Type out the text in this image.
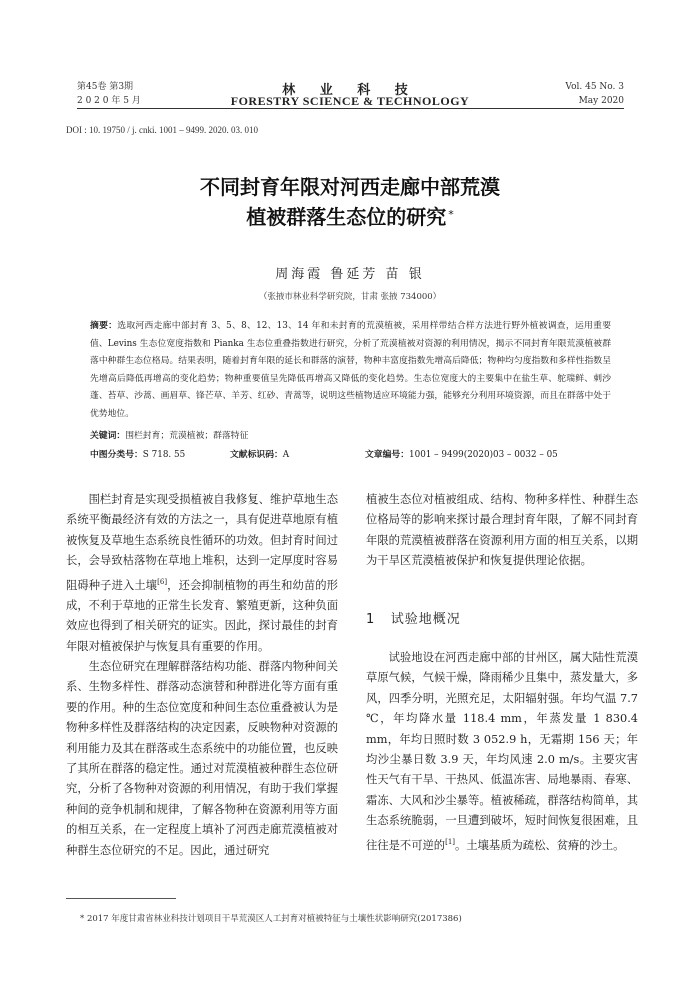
第45卷 第3期
2 0 2 0 年 5 月
林 业 科 技
FORESTRY SCIENCE & TECHNOLOGY
Vol. 45 No. 3
May 2020
DOI : 10. 19750 / j. cnki. 1001 – 9499. 2020. 03. 010
不同封育年限对河西走廊中部荒漠
植被群落生态位的研究 *
周海霞 鲁延芳 苗 银
（张掖市林业科学研究院，甘肃 张掖 734000）
摘要：选取河西走廊中部封育 3、5、8、12、13、14 年和未封育的荒漠植被，采用样带结合样方法进行野外植被调查，运用重要值、Levins 生态位宽度指数和 Pianka 生态位重叠指数进行研究，分析了荒漠植被对资源的利用情况，揭示不同封育年限荒漠植被群落中种群生态位格局。结果表明，随着封育年限的延长和群落的演替，物种丰富度指数先增高后降低；物种均匀度指数和多样性指数呈先增高后降低再增高的变化趋势；物种重要值呈先降低再增高又降低的变化趋势。生态位宽度大的主要集中在盐生草、鸵瑞鲜、刺沙蓬、苔草、沙蒿、画眉草、锋芒草、羊芳、红砂、青蒿等，说明这些植物适应环境能力强，能够充分利用环境资源，而且在群落中处于优势地位。
关键词：围栏封育；荒漠植被；群落特征
中图分类号：S 718. 55	文献标识码：A	文章编号：1001 – 9499(2020)03 – 0032 – 05

围栏封育是实现受损植被自我修复、维护草地生态系统平衡最经济有效的方法之一，具有促进草地原有植被恢复及草地生态系统良性循环的功效。但封育时间过长，会导致枯落物在草地上堆积，达到一定厚度时容易阻碍种子进入土壤[6]，还会抑制植物的再生和幼苗的形成，不利于草地的正常生长发育、繁殖更新，这种负面效应也得到了相关研究的证实。因此，探讨最佳的封育年限对植被保护与恢复具有重要的作用。

生态位研究在理解群落结构功能、群落内物种间关系、生物多样性、群落动态演替和种群进化等方面有重要的作用。种的生态位宽度和种间生态位重叠被认为是物种多样性及群落结构的决定因素，反映物种对资源的利用能力及其在群落或生态系统中的功能位置，也反映了其所在群落的稳定性。通过对荒漠植被种群生态位研究，分析了各物种对资源的利用情况，有助于我们掌握种间的竞争机制和规律，了解各物种在资源利用等方面的相互关系，在一定程度上填补了河西走廊荒漠植被对种群生态位研究的不足。因此，通过研究

植被生态位对植被组成、结构、物种多样性、种群生态位格局等的影响来探讨最合理封育年限，了解不同封育年限的荒漠植被群落在资源利用方面的相互关系，以期为干旱区荒漠植被保护和恢复提供理论依据。

1 试验地概况

试验地设在河西走廊中部的甘州区，属大陆性荒漠草原气候，气候干燥，降雨稀少且集中，蒸发量大，多风，四季分明，光照充足，太阳辐射强。年均气温 7.7 ℃，年均降水量 118.4 mm，年蒸发量 1 830.4 mm，年均日照时数 3 052.9 h，无霜期 156 天；年均沙尘暴日数 3.9 天，年均风速 2.0 m/s。主要灾害性天气有干旱、干热风、低温冻害、局地暴雨、春寒、霜冻、大风和沙尘暴等。植被稀疏，群落结构简单，其生态系统脆弱，一旦遭到破坏，短时间恢复很困难，且往往是不可逆的[1]。土壤基质为疏松、贫瘠的沙土。

* 2017 年度甘肃省林业科技计划项目干旱荒漠区人工封育对植被特征与土壤性状影响研究(2017386)
